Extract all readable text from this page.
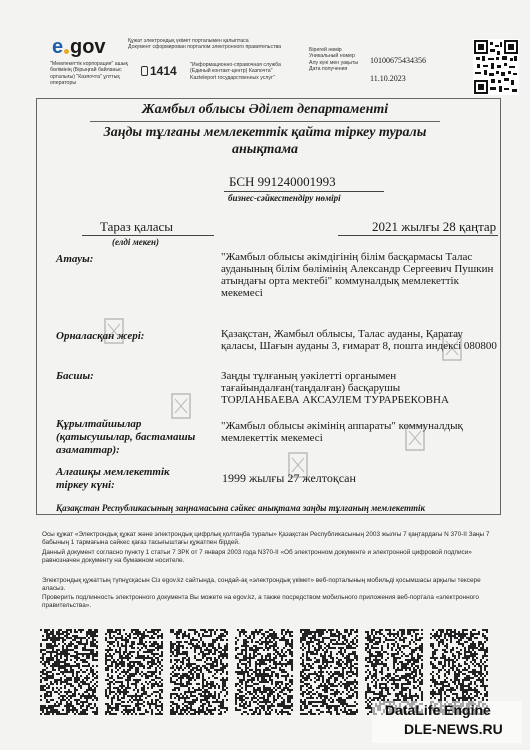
e gov	Құжат электрондық үкімет порталымен қалыптаса
Документ сформирован порталом электронного правительства
"Мемлекеттік корпорация" ашық бөлімінің (Бірыңғай байланыс орталығы) "Казпочта" ұлттық операторы
1414	"Информационно-справочная служба (Единый контакт-центр) Казпочтa" Kazteleport государственных услуг"
Бірегей нөмір
Уникальный номер
Алу күні мен уақыты
Дата получения
10100675434356
11.10.2023
Жамбыл облысы Әділет департаменті
Заңды тұлғаны мемлекеттік қайта тіркеу туралы
анықтама
БСН 991240001993
бизнес-сәйкестендіру нөмірі
Тараз қаласы
(елді мекен)
2021 жылғы 28 қаңтар
Атауы:	"Жамбыл облысы әкімдігінің білім басқармасы Талас ауданының білім бөлімінің Александр Сергеевич Пушкин атындағы орта мектебі" коммуналдық мемлекеттік мекемесі
Орналасқан жері:	Қазақстан, Жамбыл облысы, Талас ауданы, Қаратау қаласы, Шағын ауданы 3, ғимарат 8, пошта индексі 080800
Басшы:	Заңды тұлғаның уәкілетті органымен тағайындалған(таңдалған) басқарушы
ТОРЛАНБАЕВА АКСАУЛЕМ ТУРАРБЕКОВНА
Құрылтайшылар
(қатысушылар, бастамашы азаматтар):
"Жамбыл облысы әкімінің аппараты" коммуналдық мемлекеттік мекемесі
Алғашқы мемлекеттік
тіркеу күні:	1999 жылғы 27 желтоқсан
Қазақстан Республикасының заңнамасына сәйкес анықтама заңды тұлғаның мемлекеттік
Осы құжат «Электрондық құжат және электрондық цифрлық қолтаңба туралы» Қазақстан Республикасының 2003 жылғы 7 қаңтардағы N 370-II Заңы 7 бабының 1 тармағына сәйкес қағаз тасығыштағы құжатпен бірдей.
Данный документ согласно пункту 1 статьи 7 ЗРК от 7 января 2003 года N370-II «Об электронном документе и электронной цифровой подписи» равнозначен документу на бумажном носителе.
Электрондық құжаттың түпнұсқасын Сіз egov.kz сайтында, сондай-ақ «электрондық үкімет» веб-порталының мобильді қосымшасы арқылы тексере аласыз.
Проверить подлинность электронного документа Вы можете на egov.kz, а также посредством мобильного приложения веб-портала «электронного правительства».
DataLife Engine
DLE-NEWS.RU
